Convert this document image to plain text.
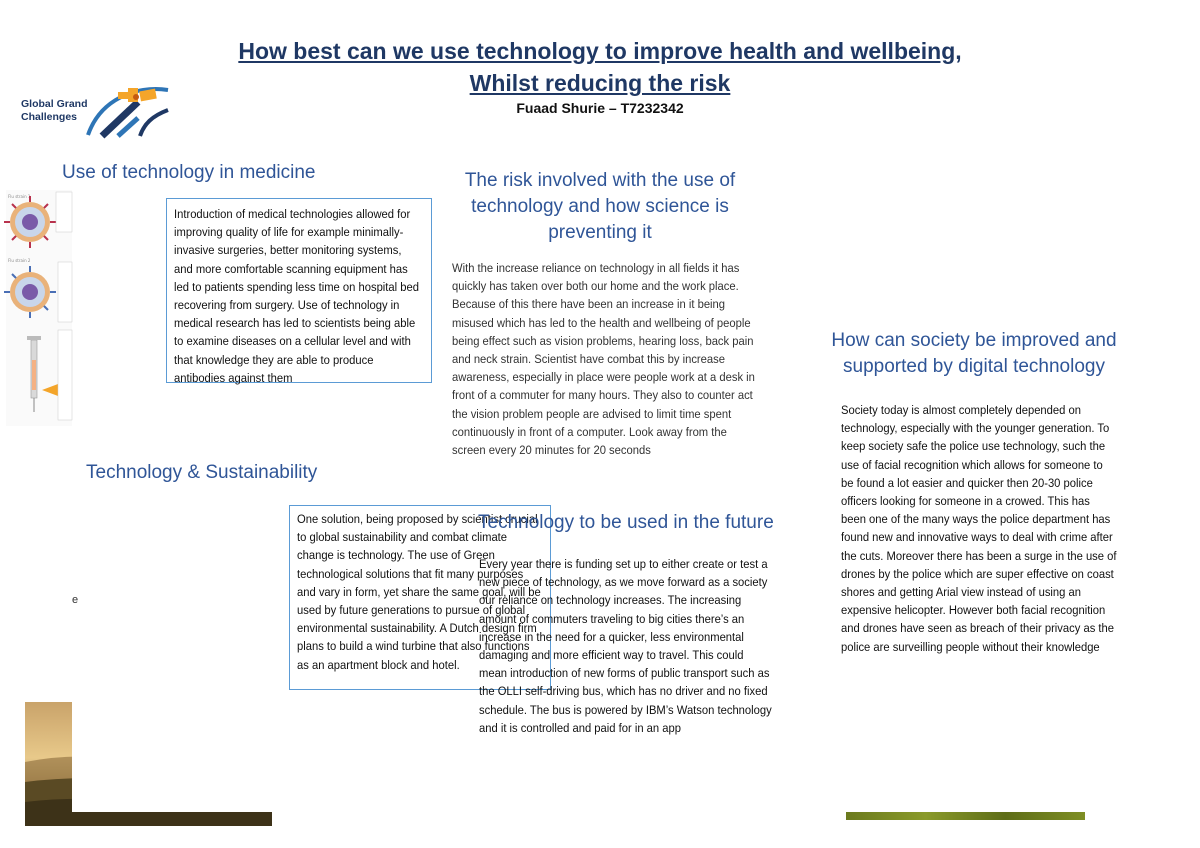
How best can we use technology to improve health and wellbeing,
Whilst reducing the risk
Fuaad Shurie – T7232342
Global Grand
Challenges
Use of technology in medicine
Flu strain 1
Flu strain 2
Introduction of medical technologies allowed for improving quality of life for example minimally-invasive surgeries, better monitoring systems, and more comfortable scanning equipment has led to patients spending less time on hospital bed recovering from surgery. Use of technology in medical research has led to scientists being able to examine diseases on a cellular level and with that knowledge they are able to produce antibodies against them
The risk involved with the use of technology and how science is preventing it
With the increase reliance on technology in all fields it has quickly has taken over both our home and the work place. Because of this there have been an increase in it being misused which has led to the health and wellbeing of people being effect such as vision problems, hearing loss, back pain and neck strain. Scientist have combat this by increase awareness, especially in place were people work at a desk in front of a commuter for many hours. They also to counter act the vision problem people are advised to limit time spent continuously in front of a computer. Look away from the screen every 20 minutes for 20 seconds
How can society be improved and supported by digital technology
Society today is almost completely depended on technology, especially with the younger generation. To keep society safe the police use technology, such the use of facial recognition which allows for someone to be found a lot easier and quicker then 20-30 police officers looking for someone in a crowed. This has been one of the many ways the police department has found new and innovative ways to deal with crime after the cuts. Moreover there has been a surge in the use of drones by the police which are super effective on coast shores and getting Arial view instead of using an expensive helicopter. However both facial recognition and drones have seen as breach of their privacy as the police are surveilling people without their knowledge
Technology & Sustainability
e
One solution, being proposed by scientist crucial to global sustainability and combat climate change is technology. The use of Green technological solutions that fit many purposes and vary in form, yet share the same goal, will be used by future generations to pursue of global environmental sustainability. A Dutch design firm plans to build a wind turbine that also functions as an apartment block and hotel.
Technology to be used in the future
Every year there is funding set up to either create or test a new piece of technology, as we move forward as a society our reliance on technology increases. The increasing amount of commuters traveling to big cities there’s an increase in the need for a quicker, less environmental damaging and more efficient way to travel. This could mean introduction of new forms of public transport such as the OLLI self-driving bus, which has no driver and no fixed schedule. The bus is powered by IBM’s Watson technology and it is controlled and paid for in an app
